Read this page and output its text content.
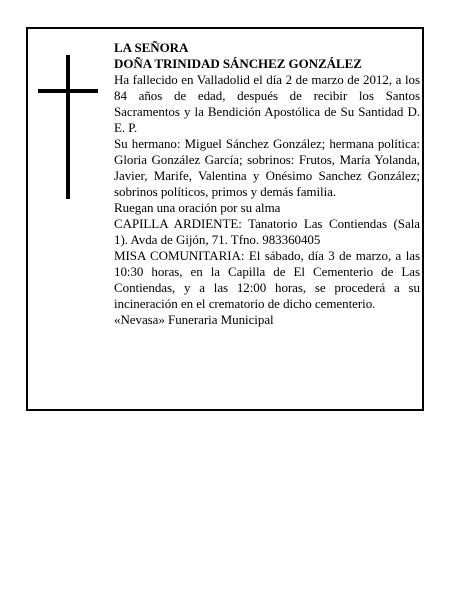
LA SEÑORA

DOÑA TRINIDAD SÁNCHEZ GONZÁLEZ

Ha fallecido en Valladolid el día 2 de marzo de 2012, a los 84 años de edad, después de recibir los Santos Sacramentos y la Bendición Apostólica de Su Santidad D. E. P.

Su hermano: Miguel Sánchez González; hermana política: Gloria González García; sobrinos: Frutos, María Yolanda, Javier, Marife, Valentina y Onésimo Sanchez González; sobrinos políticos, primos y demás familia.

Ruegan una oración por su alma

CAPILLA ARDIENTE: Tanatorio Las Contiendas (Sala 1). Avda de Gijón, 71. Tfno. 983360405

MISA COMUNITARIA: El sábado, día 3 de marzo, a las 10:30 horas, en la Capilla de El Cementerio de Las Contiendas, y a las 12:00 horas, se procederá a su incineración en el crematorio de dicho cementerio.

«Nevasa» Funeraria Municipal
